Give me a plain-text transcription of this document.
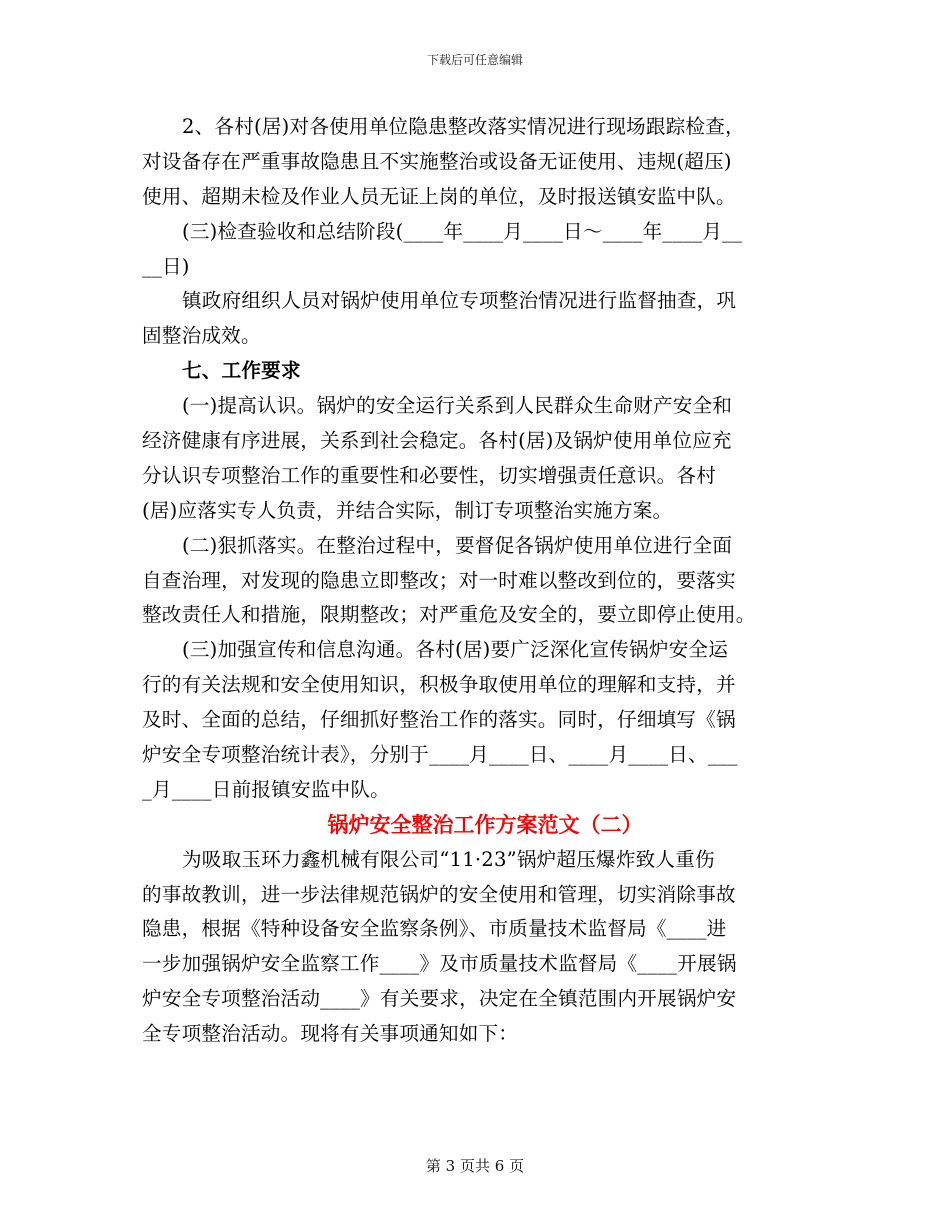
下载后可任意编辑
2、各村(居)对各使用单位隐患整改落实情况进行现场跟踪检查，
对设备存在严重事故隐患且不实施整治或设备无证使用、违规(超压)
使用、超期未检及作业人员无证上岗的单位，及时报送镇安监中队。
(三)检查验收和总结阶段(____年____月____日～____年____月__
__日)
镇政府组织人员对锅炉使用单位专项整治情况进行监督抽查，巩
固整治成效。
七、工作要求
(一)提高认识。锅炉的安全运行关系到人民群众生命财产安全和
经济健康有序进展，关系到社会稳定。各村(居)及锅炉使用单位应充
分认识专项整治工作的重要性和必要性，切实增强责任意识。各村
(居)应落实专人负责，并结合实际，制订专项整治实施方案。
(二)狠抓落实。在整治过程中，要督促各锅炉使用单位进行全面
自查治理，对发现的隐患立即整改；对一时难以整改到位的，要落实
整改责任人和措施，限期整改；对严重危及安全的，要立即停止使用。
(三)加强宣传和信息沟通。各村(居)要广泛深化宣传锅炉安全运
行的有关法规和安全使用知识，积极争取使用单位的理解和支持，并
及时、全面的总结，仔细抓好整治工作的落实。同时，仔细填写《锅
炉安全专项整治统计表》，分别于____月____日、____月____日、___
_月____日前报镇安监中队。
锅炉安全整治工作方案范文（二）
为吸取玉环力鑫机械有限公司“11·23”锅炉超压爆炸致人重伤
的事故教训，进一步法律规范锅炉的安全使用和管理，切实消除事故
隐患，根据《特种设备安全监察条例》、市质量技术监督局《____进
一步加强锅炉安全监察工作____》及市质量技术监督局《____开展锅
炉安全专项整治活动____》有关要求，决定在全镇范围内开展锅炉安
全专项整治活动。现将有关事项通知如下：
第 3 页共 6 页
